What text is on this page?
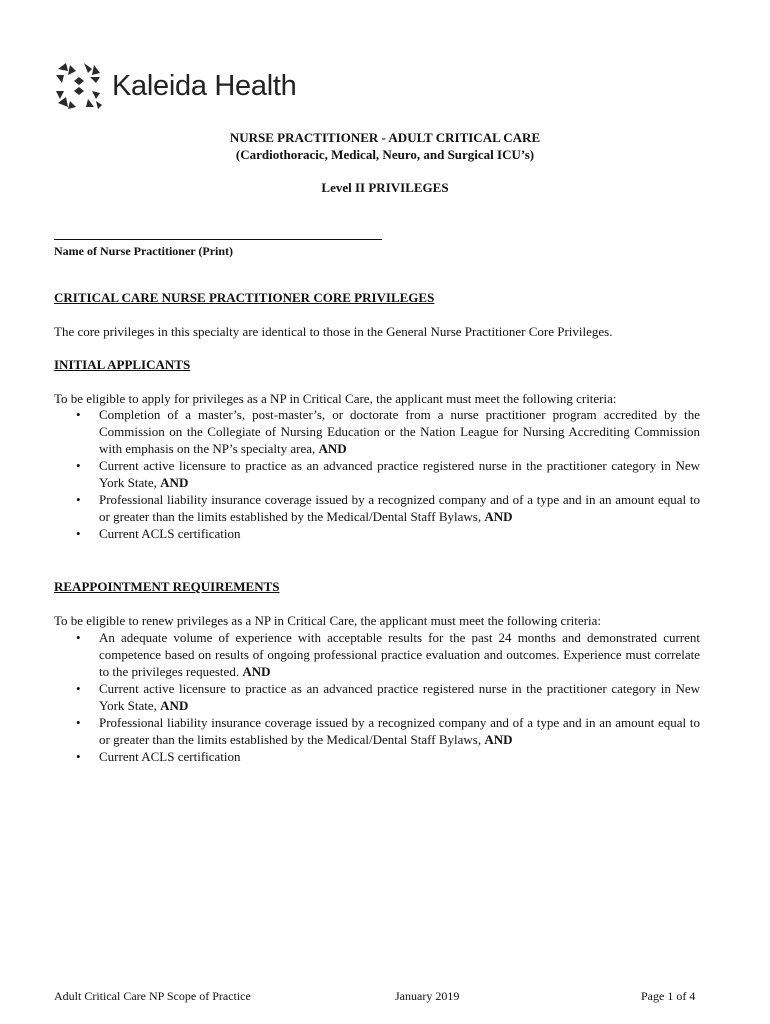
Kaleida Health
NURSE PRACTITIONER - ADULT CRITICAL CARE
(Cardiothoracic, Medical, Neuro, and Surgical ICU’s)
Level II PRIVILEGES
Name of Nurse Practitioner (Print)
CRITICAL CARE NURSE PRACTITIONER CORE PRIVILEGES
The core privileges in this specialty are identical to those in the General Nurse Practitioner Core Privileges.
INITIAL APPLICANTS
To be eligible to apply for privileges as a NP in Critical Care, the applicant must meet the following criteria:
• Completion of a master’s, post-master’s, or doctorate from a nurse practitioner program accredited by the Commission on the Collegiate of Nursing Education or the Nation League for Nursing Accrediting Commission with emphasis on the NP’s specialty area, AND
• Current active licensure to practice as an advanced practice registered nurse in the practitioner category in New York State, AND
• Professional liability insurance coverage issued by a recognized company and of a type and in an amount equal to or greater than the limits established by the Medical/Dental Staff Bylaws, AND
• Current ACLS certification
REAPPOINTMENT REQUIREMENTS
To be eligible to renew privileges as a NP in Critical Care, the applicant must meet the following criteria:
• An adequate volume of experience with acceptable results for the past 24 months and demonstrated current competence based on results of ongoing professional practice evaluation and outcomes. Experience must correlate to the privileges requested. AND
• Current active licensure to practice as an advanced practice registered nurse in the practitioner category in New York State, AND
• Professional liability insurance coverage issued by a recognized company and of a type and in an amount equal to or greater than the limits established by the Medical/Dental Staff Bylaws, AND
• Current ACLS certification
Adult Critical Care NP Scope of Practice	January 2019	Page 1 of 4
